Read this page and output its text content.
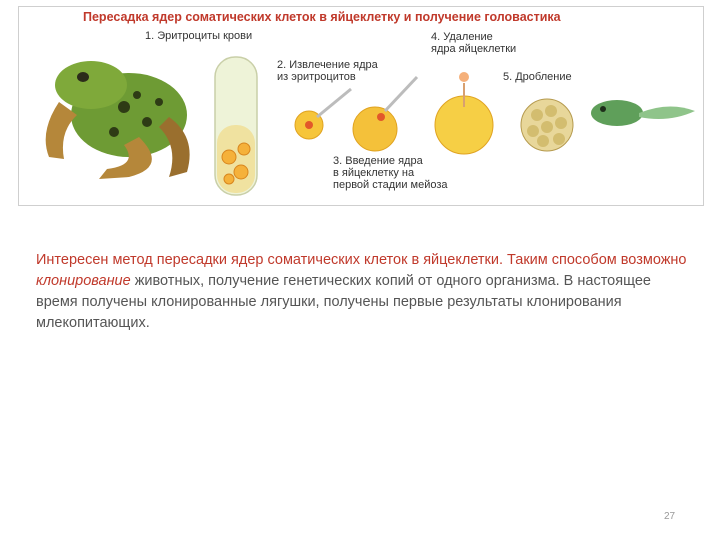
Пересадка ядер соматических клеток в яйцеклетку и получение головастика
1. Эритроциты крови
2. Извлечение ядра
из эритроцитов
3. Введение ядра
в яйцеклетку на
первой стадии мейоза
4. Удаление
ядра яйцеклетки
5. Дробление
Интересен метод пересадки ядер соматических клеток в яйцеклетки. Таким способом возможно клонирование животных, получение генетических копий от одного организма. В настоящее время получены клонированные лягушки, получены первые результаты клонирования млекопитающих.
27
